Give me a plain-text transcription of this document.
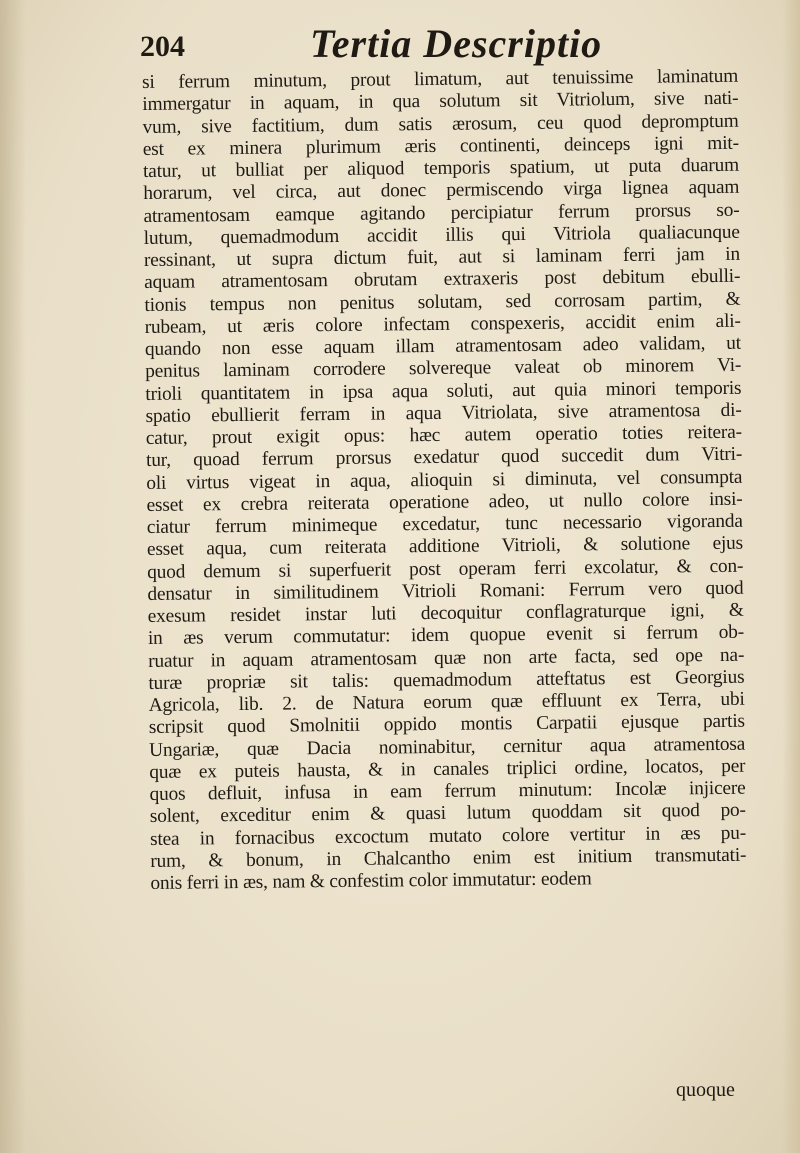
204	Tertia Descriptio
si ferrum minutum, prout limatum, aut tenuissime laminatum
immergatur in aquam, in qua solutum sit Vitriolum, sive nati-
vum, sive factitium, dum satis ærosum, ceu quod depromptum
est ex minera plurimum æris continenti, deinceps igni mit-
tatur, ut bulliat per aliquod temporis spatium, ut puta duarum
horarum, vel circa, aut donec permiscendo virga lignea aquam
atramentosam eamque agitando percipiatur ferrum prorsus so-
lutum, quemadmodum accidit illis qui Vitriola qualiacunque
ressinant, ut supra dictum fuit, aut si laminam ferri jam in
aquam atramentosam obrutam extraxeris post debitum ebulli-
tionis tempus non penitus solutam, sed corrosam partim, &
rubeam, ut æris colore infectam conspexeris, accidit enim ali-
quando non esse aquam illam atramentosam adeo validam, ut
penitus laminam corrodere solvereque valeat ob minorem Vi-
trioli quantitatem in ipsa aqua soluti, aut quia minori temporis
spatio ebullierit ferram in aqua Vitriolata, sive atramentosa di-
catur, prout exigit opus: hæc autem operatio toties reitera-
tur, quoad ferrum prorsus exedatur quod succedit dum Vitri-
oli virtus vigeat in aqua, alioquin si diminuta, vel consumpta
esset ex crebra reiterata operatione adeo, ut nullo colore insi-
ciatur ferrum minimeque excedatur, tunc necessario vigoranda
esset aqua, cum reiterata additione Vitrioli, & solutione ejus
quod demum si superfuerit post operam ferri excolatur, & con-
densatur in similitudinem Vitrioli Romani: Ferrum vero quod
exesum residet instar luti decoquitur conflagraturque igni, &
in æs verum commutatur: idem quopue evenit si ferrum ob-
ruatur in aquam atramentosam quæ non arte facta, sed ope na-
turæ propriæ sit talis: quemadmodum atteftatus est Georgius
Agricola, lib. 2. de Natura eorum quæ effluunt ex Terra, ubi
scripsit quod Smolnitii oppido montis Carpatii ejusque partis
Ungariæ, quæ Dacia nominabitur, cernitur aqua atramentosa
quæ ex puteis hausta, & in canales triplici ordine, locatos, per
quos defluit, infusa in eam ferrum minutum: Incolæ injicere
solent, exceditur enim & quasi lutum quoddam sit quod po-
stea in fornacibus excoctum mutato colore vertitur in æs pu-
rum, & bonum, in Chalcantho enim est initium transmutati-
onis ferri in æs, nam & confestim color immutatur: eodem
quoque
